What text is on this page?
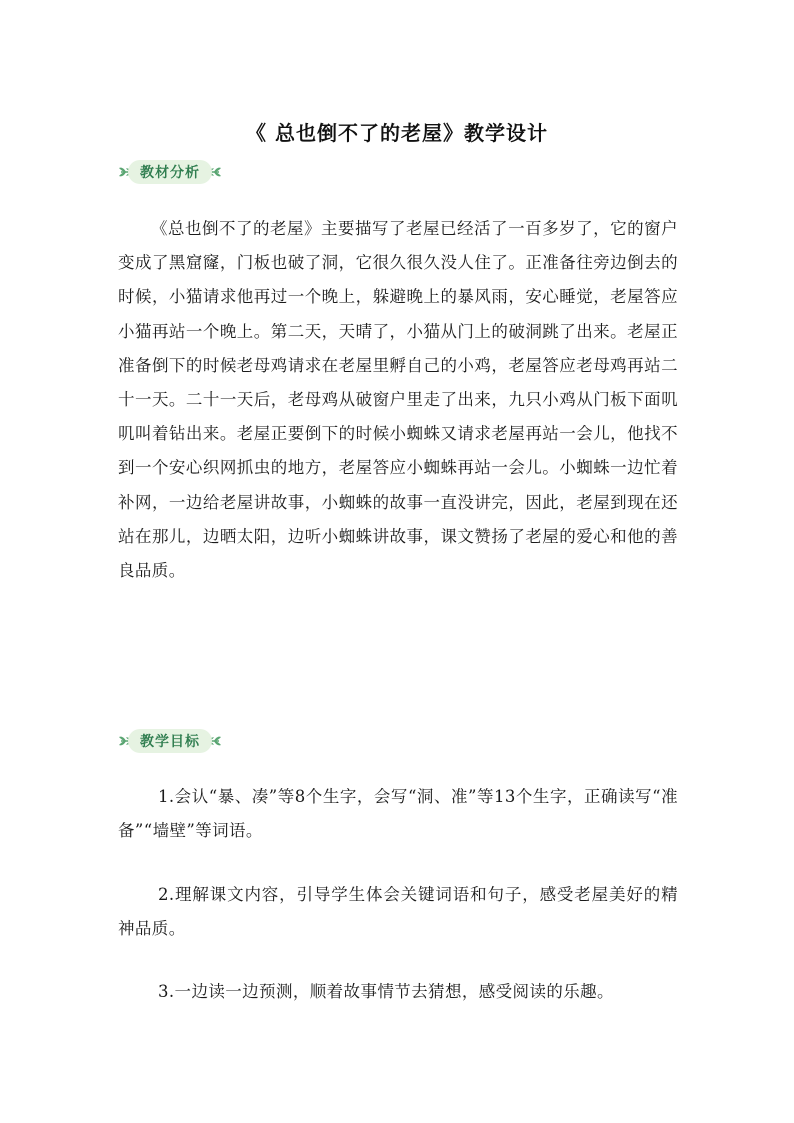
《 总也倒不了的老屋》教学设计
教材分析

《总也倒不了的老屋》主要描写了老屋已经活了一百多岁了，它的窗户变成了黑窟窿，门板也破了洞，它很久很久没人住了。正准备往旁边倒去的时候，小猫请求他再过一个晚上，躲避晚上的暴风雨，安心睡觉，老屋答应小猫再站一个晚上。第二天，天晴了，小猫从门上的破洞跳了出来。老屋正准备倒下的时候老母鸡请求在老屋里孵自己的小鸡，老屋答应老母鸡再站二十一天。二十一天后，老母鸡从破窗户里走了出来，九只小鸡从门板下面叽叽叫着钻出来。老屋正要倒下的时候小蜘蛛又请求老屋再站一会儿，他找不到一个安心织网抓虫的地方，老屋答应小蜘蛛再站一会儿。小蜘蛛一边忙着补网，一边给老屋讲故事，小蜘蛛的故事一直没讲完，因此，老屋到现在还站在那儿，边晒太阳，边听小蜘蛛讲故事，课文赞扬了老屋的爱心和他的善良品质。

教学目标

1.会认“暴、凑”等8个生字，会写“洞、准”等13个生字，正确读写“准备”“墙壁”等词语。

2.理解课文内容，引导学生体会关键词语和句子，感受老屋美好的精神品质。

3.一边读一边预测，顺着故事情节去猜想，感受阅读的乐趣。
